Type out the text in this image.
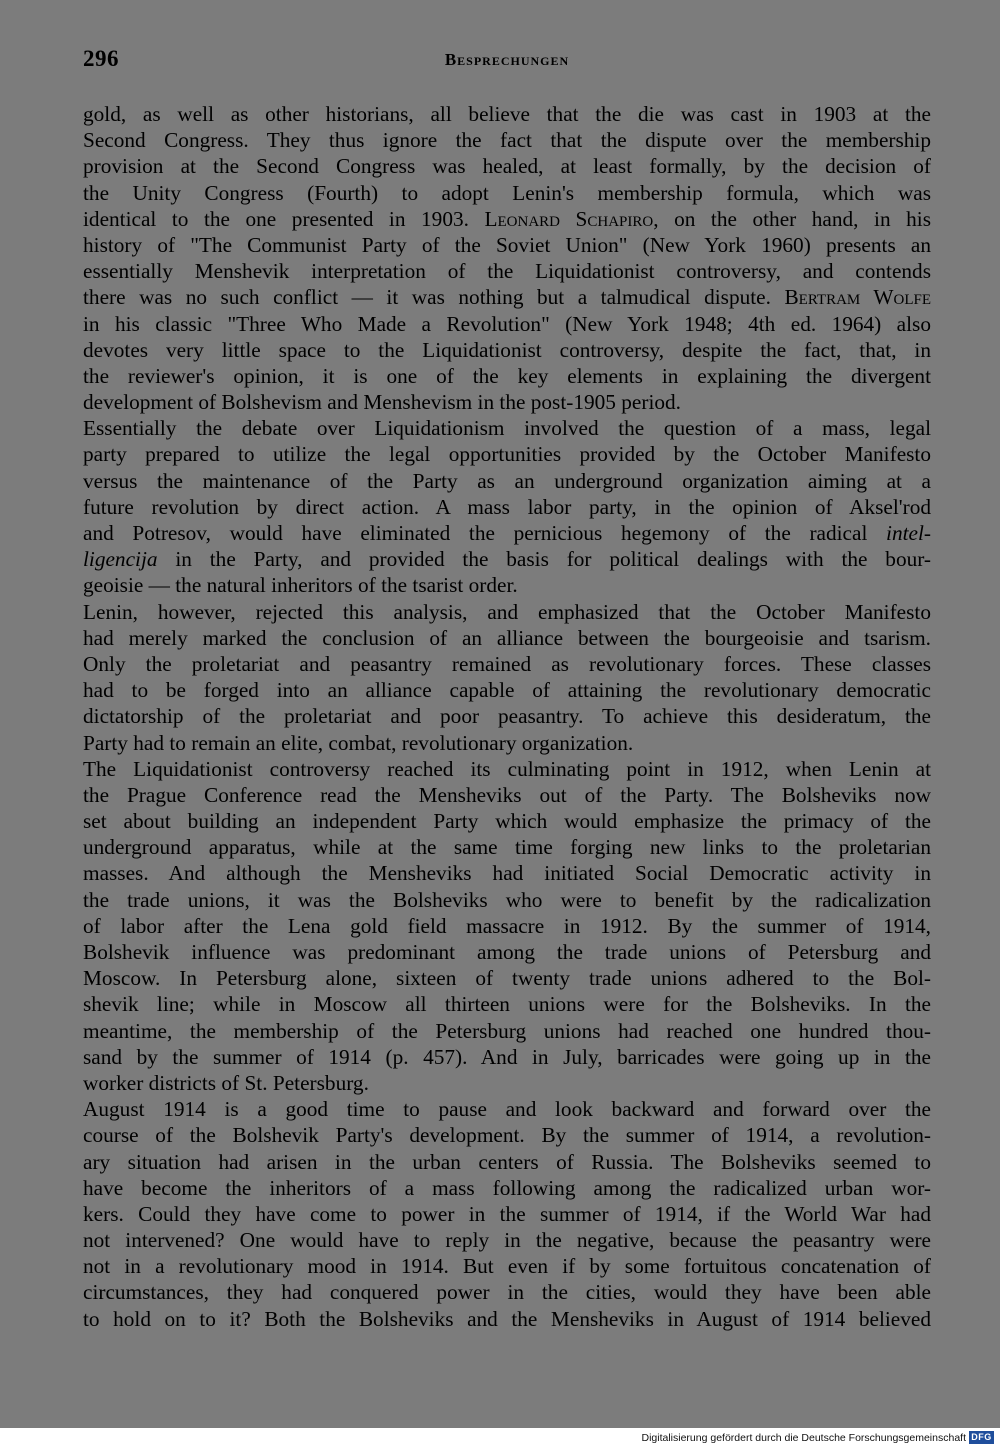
296	Besprechungen
gold, as well as other historians, all believe that the die was cast in 1903 at the
Second Congress. They thus ignore the fact that the dispute over the membership
provision at the Second Congress was healed, at least formally, by the decision of
the Unity Congress (Fourth) to adopt Lenin's membership formula, which was
identical to the one presented in 1903. Leonard Schapiro, on the other hand, in his
history of "The Communist Party of the Soviet Union" (New York 1960) presents an
essentially Menshevik interpretation of the Liquidationist controversy, and contends
there was no such conflict — it was nothing but a talmudical dispute. Bertram Wolfe
in his classic "Three Who Made a Revolution" (New York 1948; 4th ed. 1964) also
devotes very little space to the Liquidationist controversy, despite the fact, that, in
the reviewer's opinion, it is one of the key elements in explaining the divergent
development of Bolshevism and Menshevism in the post-1905 period.
Essentially the debate over Liquidationism involved the question of a mass, legal
party prepared to utilize the legal opportunities provided by the October Manifesto
versus the maintenance of the Party as an underground organization aiming at a
future revolution by direct action. A mass labor party, in the opinion of Aksel'rod
and Potresov, would have eliminated the pernicious hegemony of the radical intel-
ligencija in the Party, and provided the basis for political dealings with the bour-
geoisie — the natural inheritors of the tsarist order.
Lenin, however, rejected this analysis, and emphasized that the October Manifesto
had merely marked the conclusion of an alliance between the bourgeoisie and tsarism.
Only the proletariat and peasantry remained as revolutionary forces. These classes
had to be forged into an alliance capable of attaining the revolutionary democratic
dictatorship of the proletariat and poor peasantry. To achieve this desideratum, the
Party had to remain an elite, combat, revolutionary organization.
The Liquidationist controversy reached its culminating point in 1912, when Lenin at
the Prague Conference read the Mensheviks out of the Party. The Bolsheviks now
set about building an independent Party which would emphasize the primacy of the
underground apparatus, while at the same time forging new links to the proletarian
masses. And although the Mensheviks had initiated Social Democratic activity in
the trade unions, it was the Bolsheviks who were to benefit by the radicalization
of labor after the Lena gold field massacre in 1912. By the summer of 1914,
Bolshevik influence was predominant among the trade unions of Petersburg and
Moscow. In Petersburg alone, sixteen of twenty trade unions adhered to the Bol-
shevik line; while in Moscow all thirteen unions were for the Bolsheviks. In the
meantime, the membership of the Petersburg unions had reached one hundred thou-
sand by the summer of 1914 (p. 457). And in July, barricades were going up in the
worker districts of St. Petersburg.
August 1914 is a good time to pause and look backward and forward over the
course of the Bolshevik Party's development. By the summer of 1914, a revolution-
ary situation had arisen in the urban centers of Russia. The Bolsheviks seemed to
have become the inheritors of a mass following among the radicalized urban wor-
kers. Could they have come to power in the summer of 1914, if the World War had
not intervened? One would have to reply in the negative, because the peasantry were
not in a revolutionary mood in 1914. But even if by some fortuitous concatenation of
circumstances, they had conquered power in the cities, would they have been able
to hold on to it? Both the Bolsheviks and the Mensheviks in August of 1914 believed
Digitalisierung gefördert durch die Deutsche Forschungsgemeinschaft DFG
